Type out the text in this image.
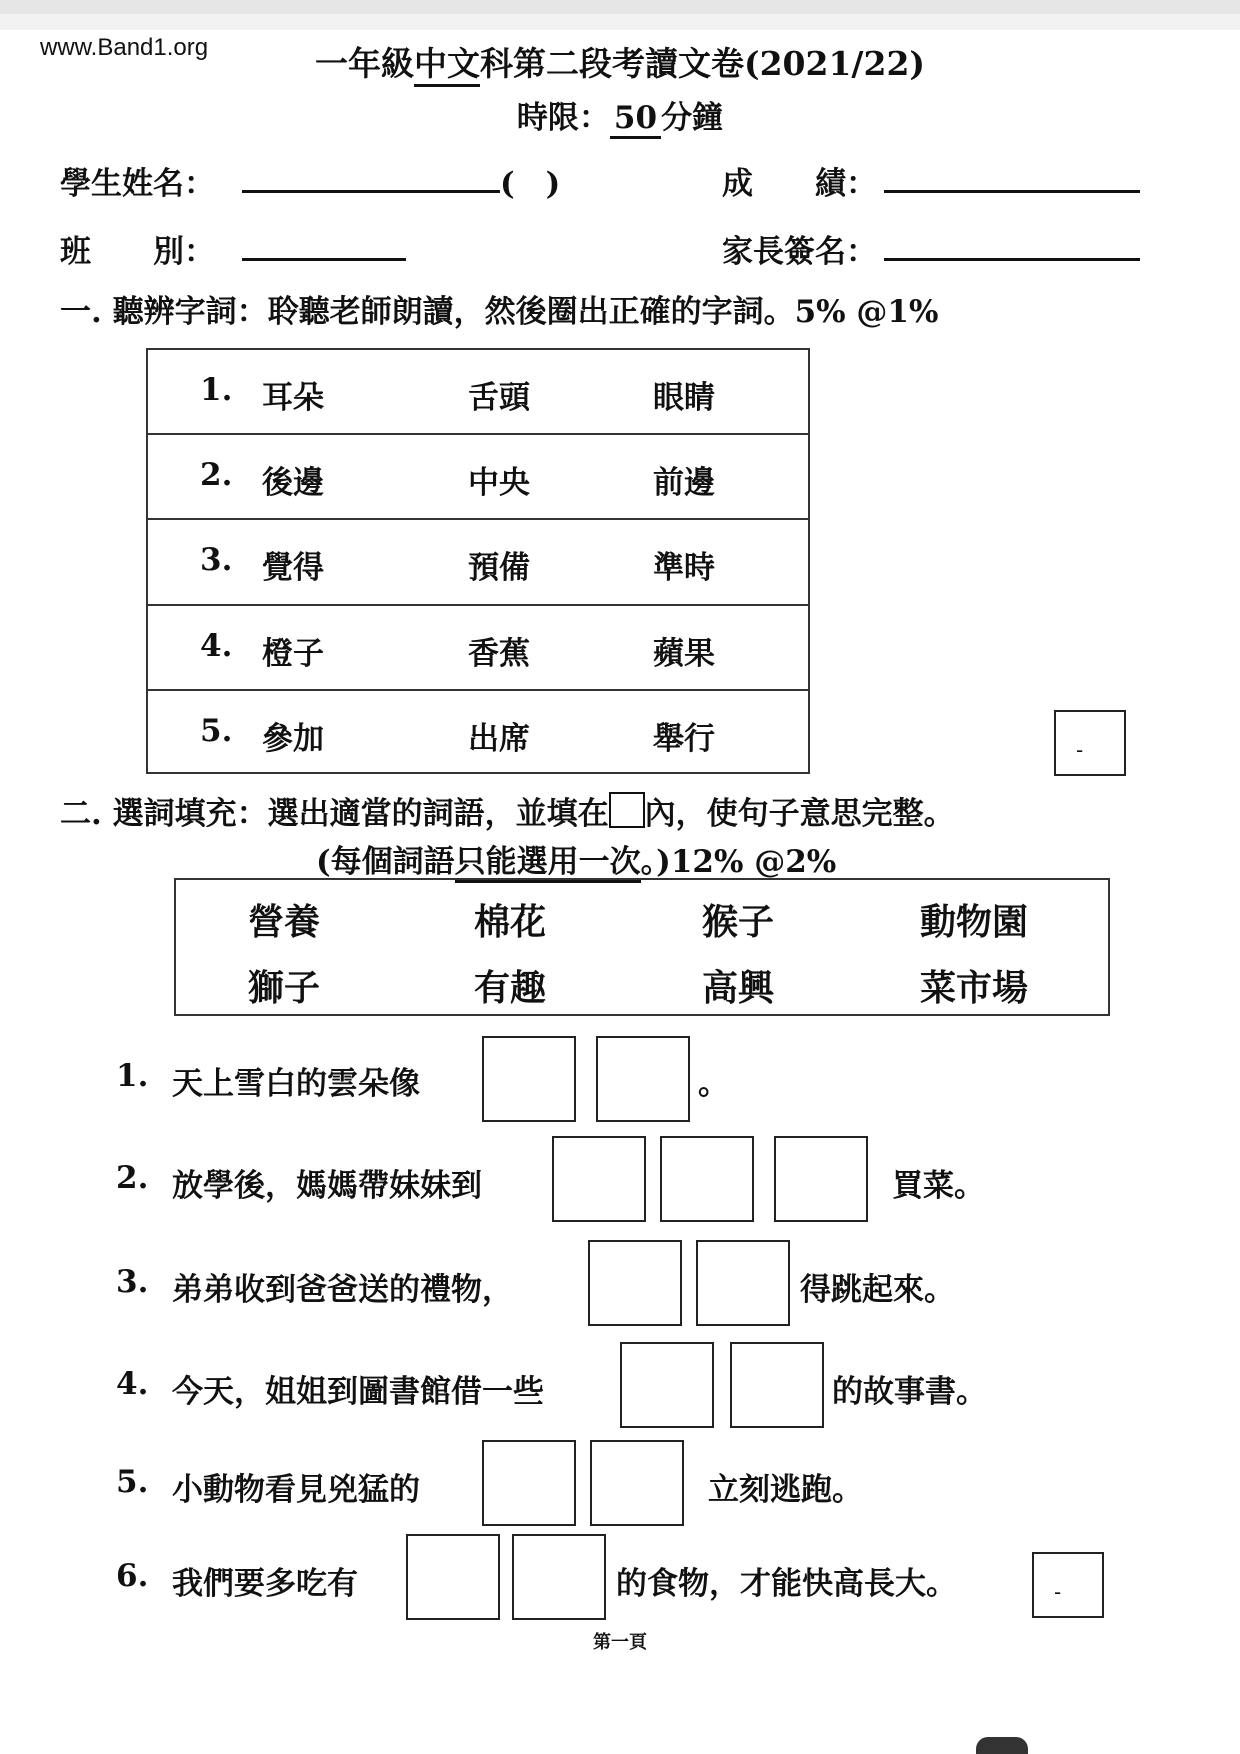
www.Band1.org	一年級中文科第二段考讀文卷(2021/22)
時限： 50 分鐘
學生姓名：	(　)	成　　績：
班　　別：	家長簽名：
一. 聽辨字詞：聆聽老師朗讀，然後圈出正確的字詞。5% @1%
1. 耳朵	舌頭	眼睛
2. 後邊	中央	前邊
3. 覺得	預備	準時
4. 橙子	香蕉	蘋果
5. 參加	出席	舉行	-
二. 選詞填充：選出適當的詞語，並填在 內，使句子意思完整。
(每個詞語只能選用一次。)12% @2%
營養	棉花	猴子	動物園
獅子	有趣	高興	菜市場
1. 天上雪白的雲朵像	。
2. 放學後，媽媽帶妹妹到	買菜。
3. 弟弟收到爸爸送的禮物，	得跳起來。
4. 今天，姐姐到圖書館借一些	的故事書。
5. 小動物看見兇猛的	立刻逃跑。
6. 我們要多吃有	的食物，才能快高長大。	-
第一頁
